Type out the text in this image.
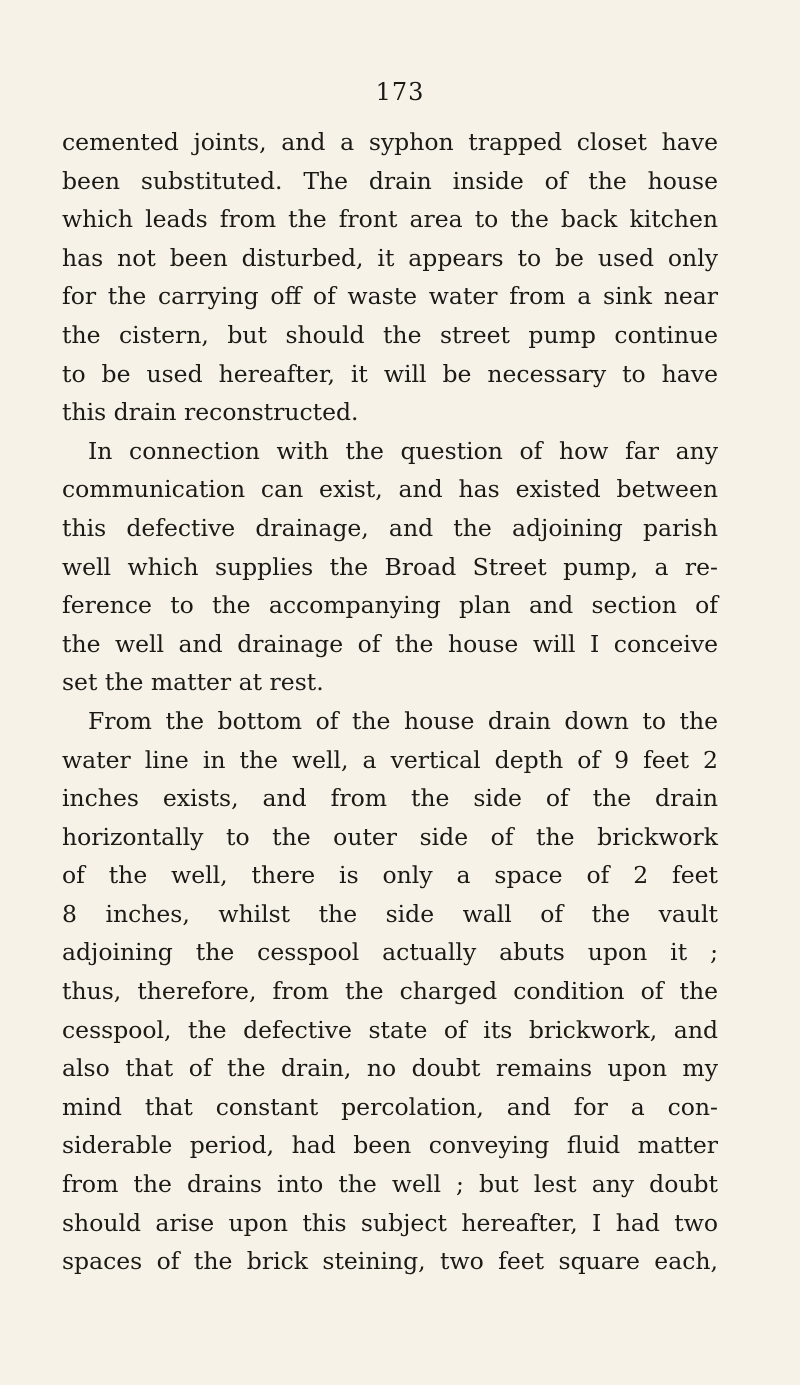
173
cemented joints, and a syphon trapped closet have
been substituted. The drain inside of the house
which leads from the front area to the back kitchen
has not been disturbed, it appears to be used only
for the carrying off of waste water from a sink near
the cistern, but should the street pump continue
to be used hereafter, it will be necessary to have
this drain reconstructed.
In connection with the question of how far any
communication can exist, and has existed between
this defective drainage, and the adjoining parish
well which supplies the Broad Street pump, a re-
ference to the accompanying plan and section of
the well and drainage of the house will I conceive
set the matter at rest.
From the bottom of the house drain down to the
water line in the well, a vertical depth of 9 feet 2
inches exists, and from the side of the drain
horizontally to the outer side of the brickwork
of the well, there is only a space of 2 feet
8 inches, whilst the side wall of the vault
adjoining the cesspool actually abuts upon it ;
thus, therefore, from the charged condition of the
cesspool, the defective state of its brickwork, and
also that of the drain, no doubt remains upon my
mind that constant percolation, and for a con-
siderable period, had been conveying fluid matter
from the drains into the well ; but lest any doubt
should arise upon this subject hereafter, I had two
spaces of the brick steining, two feet square each,
